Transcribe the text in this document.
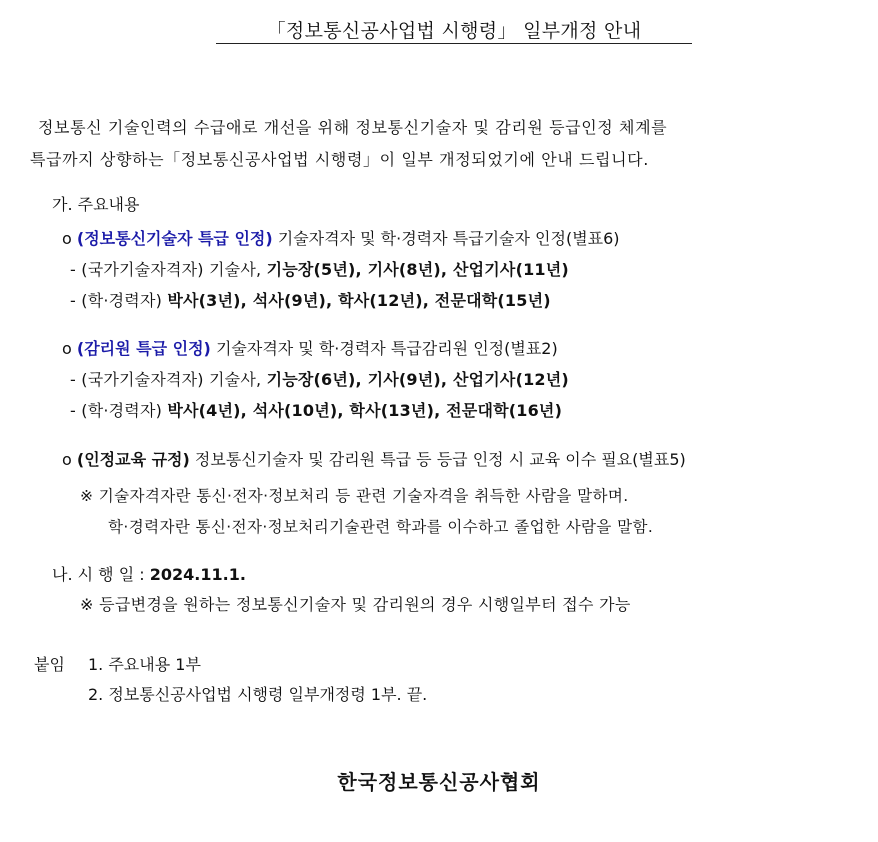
「정보통신공사업법 시행령」 일부개정 안내
정보통신 기술인력의 수급애로 개선을 위해 정보통신기술자 및 감리원 등급인정 체계를
특급까지 상향하는「정보통신공사업법 시행령」이 일부 개정되었기에 안내 드립니다.
가. 주요내용
o (정보통신기술자 특급 인정) 기술자격자 및 학·경력자 특급기술자 인정(별표6)
- (국가기술자격자) 기술사, 기능장(5년), 기사(8년), 산업기사(11년)
- (학·경력자) 박사(3년), 석사(9년), 학사(12년), 전문대학(15년)
o (감리원 특급 인정) 기술자격자 및 학·경력자 특급감리원 인정(별표2)
- (국가기술자격자) 기술사, 기능장(6년), 기사(9년), 산업기사(12년)
- (학·경력자) 박사(4년), 석사(10년), 학사(13년), 전문대학(16년)
o (인정교육 규정) 정보통신기술자 및 감리원 특급 등 등급 인정 시 교육 이수 필요(별표5)
※ 기술자격자란 통신·전자·정보처리 등 관련 기술자격을 취득한 사람을 말하며.
학·경력자란 통신·전자·정보처리기술관련 학과를 이수하고 졸업한 사람을 말함.
나. 시 행 일 : 2024.11.1.
※ 등급변경을 원하는 정보통신기술자 및 감리원의 경우 시행일부터 접수 가능
붙임 1. 주요내용 1부
2. 정보통신공사업법 시행령 일부개정령 1부. 끝.
한국정보통신공사협회
